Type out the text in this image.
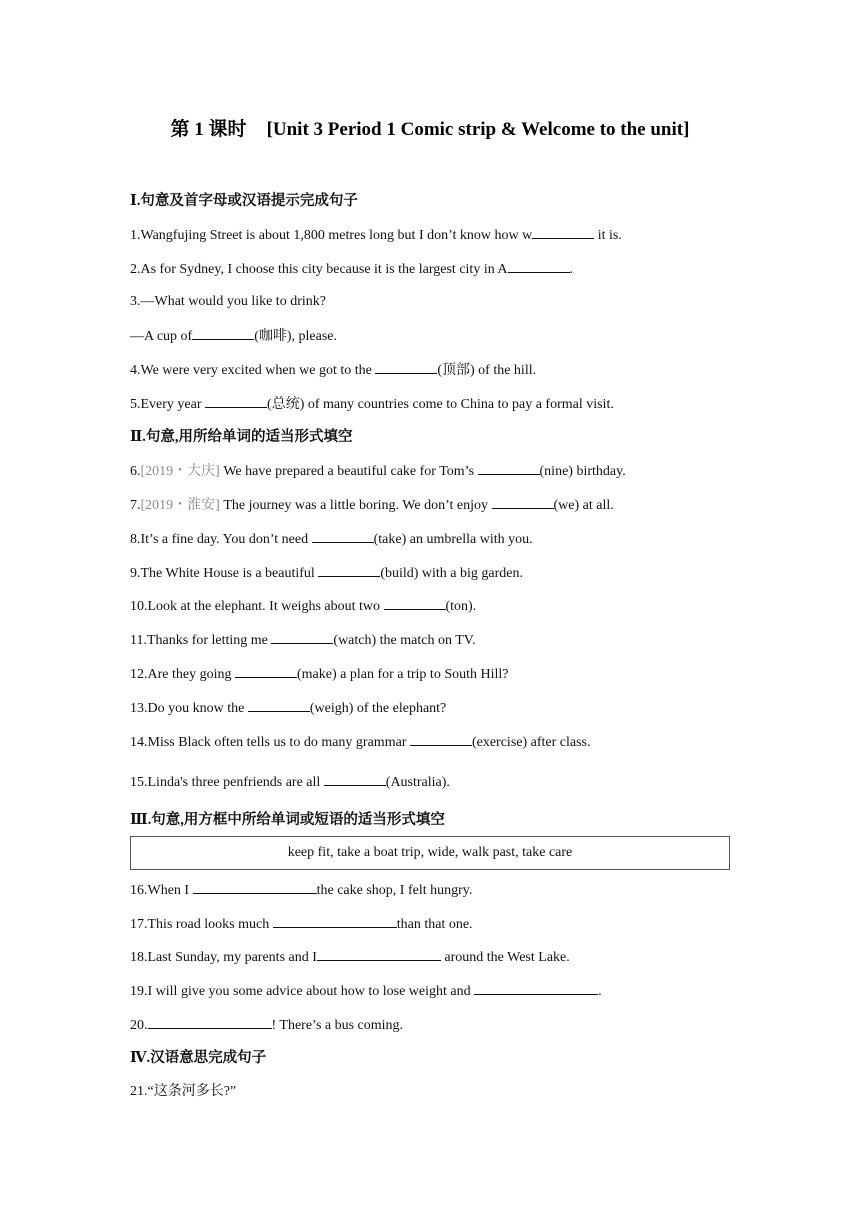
第 1 课时 [Unit 3 Period 1 Comic strip & Welcome to the unit]
Ⅰ.句意及首字母或汉语提示完成句子
1.Wangfujing Street is about 1,800 metres long but I don’t know how w	it is.
2.As for Sydney, I choose this city because it is the largest city in A	.
3.—What would you like to drink?
—A cup of	(咖啡), please.
4.We were very excited when we got to the	(顶部) of the hill.
5.Every year	(总统) of many countries come to China to pay a formal visit.
Ⅱ.句意,用所给单词的适当形式填空
6.[2019・大庆] We have prepared a beautiful cake for Tom’s	(nine) birthday.
7.[2019・淮安] The journey was a little boring. We don’t enjoy	(we) at all.
8.It’s a fine day. You don’t need	(take) an umbrella with you.
9.The White House is a beautiful	(build) with a big garden.
10.Look at the elephant. It weighs about two	(ton).
11.Thanks for letting me	(watch) the match on TV.
12.Are they going	(make) a plan for a trip to South Hill?
13.Do you know the	(weigh) of the elephant?
14.Miss Black often tells us to do many grammar	(exercise) after class.
15.Linda's three penfriends are all	(Australia).
Ⅲ.句意,用方框中所给单词或短语的适当形式填空
keep fit, take a boat trip, wide, walk past, take care
16.When I	the cake shop, I felt hungry.
17.This road looks much	than that one.
18.Last Sunday, my parents and I	around the West Lake.
19.I will give you some advice about how to lose weight and	.
20.	! There’s a bus coming.
Ⅳ.汉语意思完成句子
21.“这条河多长?”
